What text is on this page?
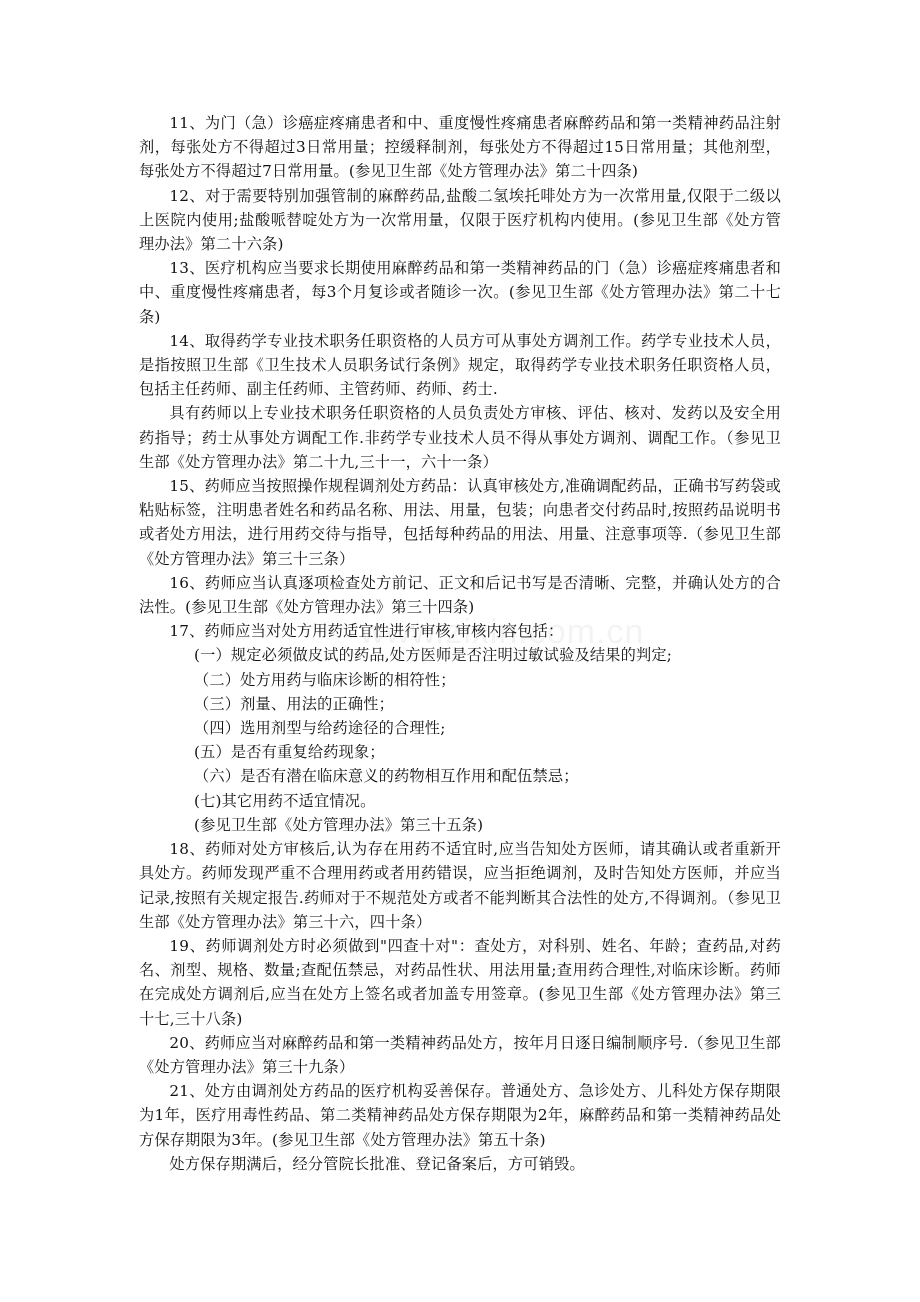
11、为门（急）诊癌症疼痛患者和中、重度慢性疼痛患者麻醉药品和第一类精神药品注射剂，每张处方不得超过3日常用量；控缓释制剂，每张处方不得超过15日常用量；其他剂型，每张处方不得超过7日常用量。(参见卫生部《处方管理办法》第二十四条)

12、对于需要特别加强管制的麻醉药品,盐酸二氢埃托啡处方为一次常用量,仅限于二级以上医院内使用;盐酸哌替啶处方为一次常用量，仅限于医疗机构内使用。(参见卫生部《处方管理办法》第二十六条)

13、医疗机构应当要求长期使用麻醉药品和第一类精神药品的门（急）诊癌症疼痛患者和中、重度慢性疼痛患者，每3个月复诊或者随诊一次。(参见卫生部《处方管理办法》第二十七条)

14、取得药学专业技术职务任职资格的人员方可从事处方调剂工作。药学专业技术人员，是指按照卫生部《卫生技术人员职务试行条例》规定，取得药学专业技术职务任职资格人员，包括主任药师、副主任药师、主管药师、药师、药士.

具有药师以上专业技术职务任职资格的人员负责处方审核、评估、核对、发药以及安全用药指导；药士从事处方调配工作.非药学专业技术人员不得从事处方调剂、调配工作。（参见卫生部《处方管理办法》第二十九,三十一，六十一条）

15、药师应当按照操作规程调剂处方药品：认真审核处方,准确调配药品，正确书写药袋或粘贴标签，注明患者姓名和药品名称、用法、用量，包装；向患者交付药品时,按照药品说明书或者处方用法，进行用药交待与指导，包括每种药品的用法、用量、注意事项等.（参见卫生部《处方管理办法》第三十三条）

16、药师应当认真逐项检查处方前记、正文和后记书写是否清晰、完整，并确认处方的合法性。(参见卫生部《处方管理办法》第三十四条)

17、药师应当对处方用药适宜性进行审核,审核内容包括：

(一）规定必须做皮试的药品,处方医师是否注明过敏试验及结果的判定;

（二）处方用药与临床诊断的相符性；

（三）剂量、用法的正确性；

（四）选用剂型与给药途径的合理性;

(五）是否有重复给药现象；

（六）是否有潜在临床意义的药物相互作用和配伍禁忌；

(七)其它用药不适宜情况。

(参见卫生部《处方管理办法》第三十五条)

18、药师对处方审核后,认为存在用药不适宜时,应当告知处方医师，请其确认或者重新开具处方。药师发现严重不合理用药或者用药错误，应当拒绝调剂，及时告知处方医师，并应当记录,按照有关规定报告.药师对于不规范处方或者不能判断其合法性的处方,不得调剂。（参见卫生部《处方管理办法》第三十六，四十条）

19、药师调剂处方时必须做到"四查十对"：查处方，对科别、姓名、年龄；查药品,对药名、剂型、规格、数量;查配伍禁忌，对药品性状、用法用量;查用药合理性,对临床诊断。药师在完成处方调剂后,应当在处方上签名或者加盖专用签章。(参见卫生部《处方管理办法》第三十七,三十八条)

20、药师应当对麻醉药品和第一类精神药品处方，按年月日逐日编制顺序号.（参见卫生部《处方管理办法》第三十九条）

21、处方由调剂处方药品的医疗机构妥善保存。普通处方、急诊处方、儿科处方保存期限为1年，医疗用毒性药品、第二类精神药品处方保存期限为2年，麻醉药品和第一类精神药品处方保存期限为3年。(参见卫生部《处方管理办法》第五十条)

处方保存期满后，经分管院长批准、登记备案后，方可销毁。
